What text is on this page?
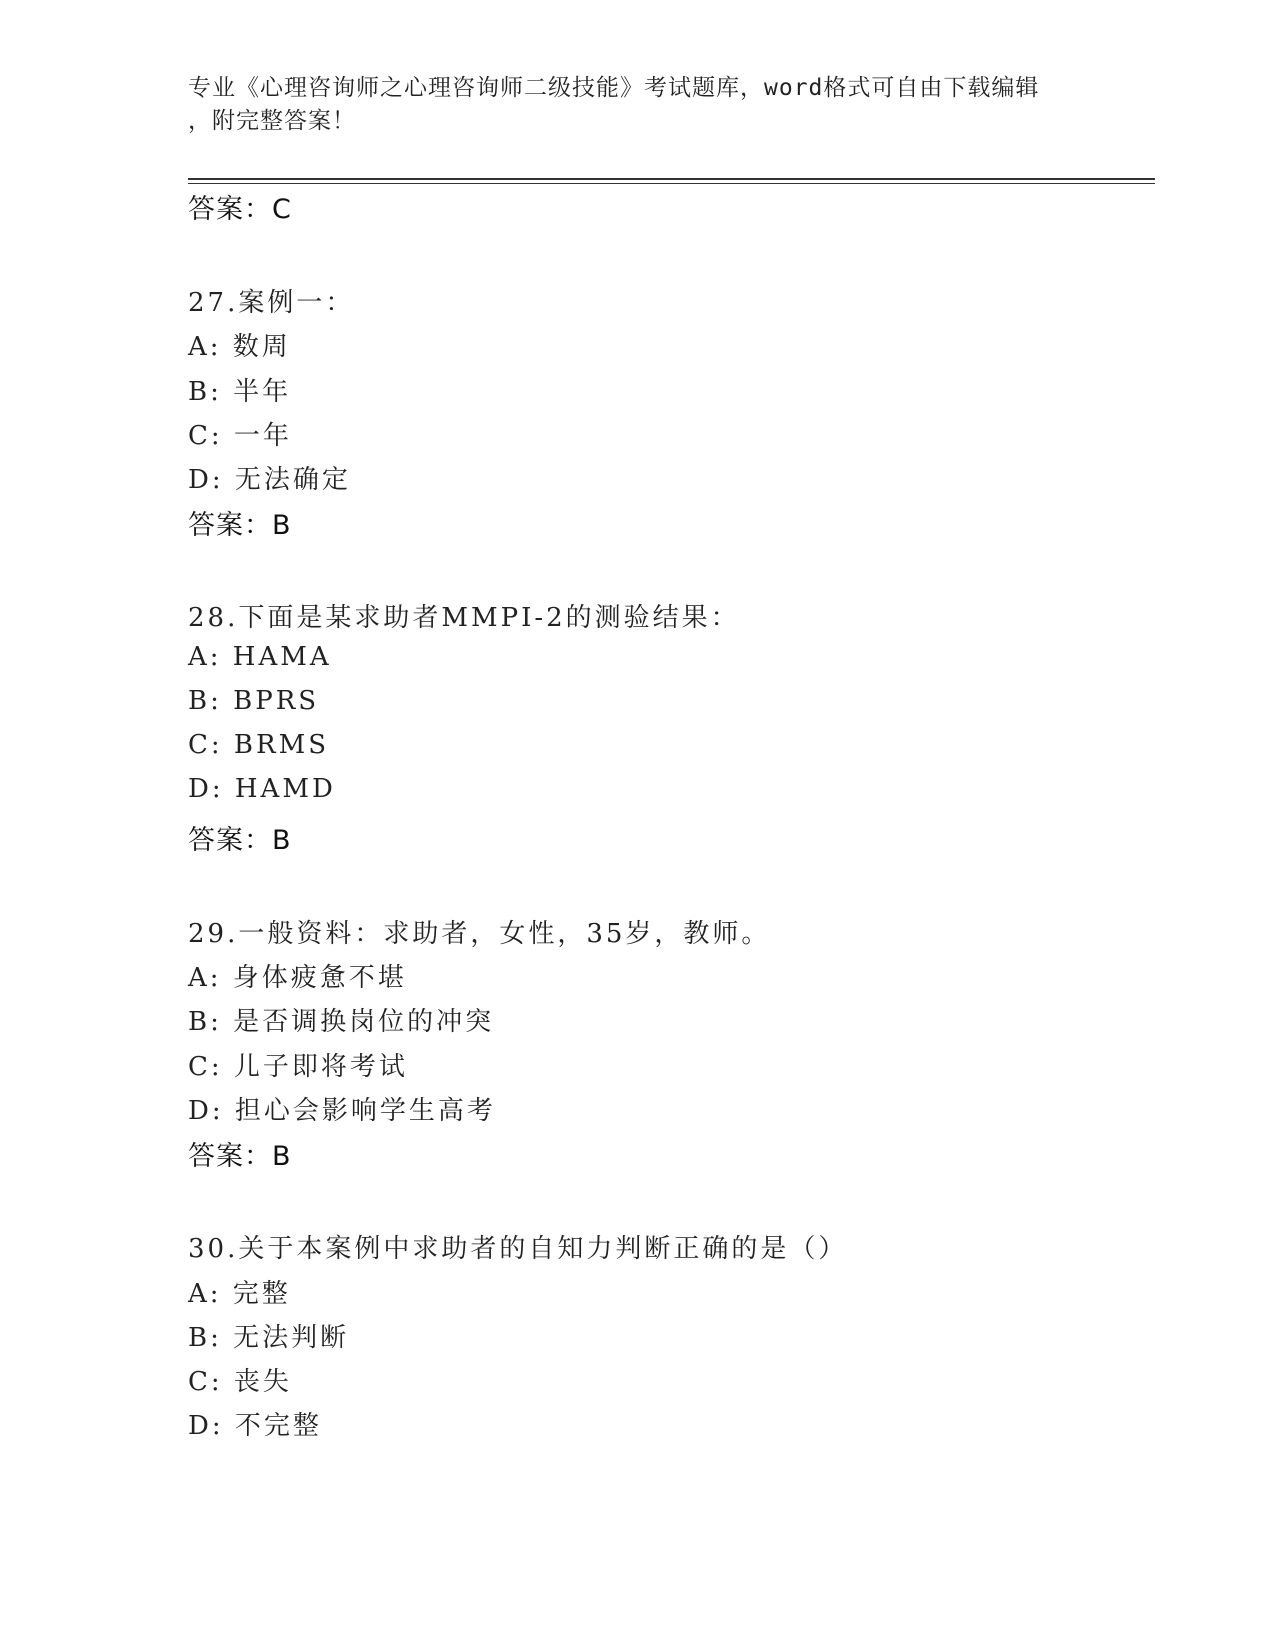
专业《心理咨询师之心理咨询师二级技能》考试题库，word格式可自由下载编辑
，附完整答案！
答案：C
27.案例一：
A: 数周
B: 半年
C: 一年
D: 无法确定
答案：B
28.下面是某求助者MMPI-2的测验结果：
A: HAMA
B: BPRS
C: BRMS
D: HAMD
答案：B
29.一般资料：求助者，女性，35岁，教师。
A: 身体疲惫不堪
B: 是否调换岗位的冲突
C: 儿子即将考试
D: 担心会影响学生高考
答案：B
30.关于本案例中求助者的自知力判断正确的是（）
A: 完整
B: 无法判断
C: 丧失
D: 不完整
